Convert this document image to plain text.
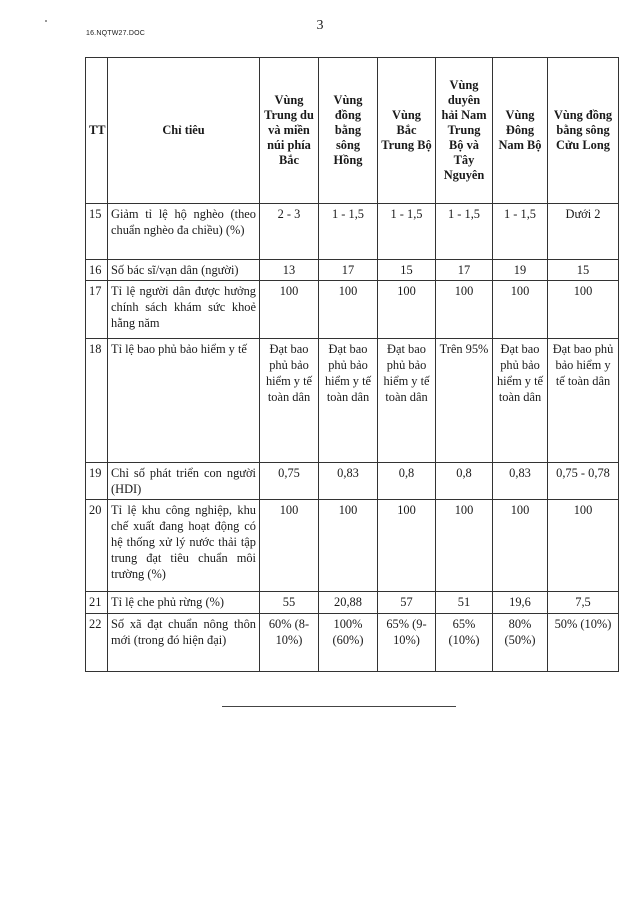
16.NQTW27.DOC
3
TT	Chỉ tiêu	Vùng Trung du và miền núi phía Bắc	Vùng đồng bằng sông Hồng	Vùng Bắc Trung Bộ	Vùng duyên hải Nam Trung Bộ và Tây Nguyên	Vùng Đông Nam Bộ	Vùng đồng bằng sông Cửu Long
15	Giảm tỉ lệ hộ nghèo (theo chuẩn nghèo đa chiều) (%)	2 - 3	1 - 1,5	1 - 1,5	1 - 1,5	1 - 1,5	Dưới 2
16	Số bác sĩ/vạn dân (người)	13	17	15	17	19	15
17	Tỉ lệ người dân được hưởng chính sách khám sức khoẻ hằng năm	100	100	100	100	100	100
18	Tỉ lệ bao phủ bảo hiểm y tế	Đạt bao phủ bảo hiểm y tế toàn dân	Đạt bao phủ bảo hiểm y tế toàn dân	Đạt bao phủ bảo hiểm y tế toàn dân	Trên 95%	Đạt bao phủ bảo hiểm y tế toàn dân	Đạt bao phủ bảo hiểm y tế toàn dân
19	Chỉ số phát triển con người (HDI)	0,75	0,83	0,8	0,8	0,83	0,75 - 0,78
20	Tỉ lệ khu công nghiệp, khu chế xuất đang hoạt động có hệ thống xử lý nước thải tập trung đạt tiêu chuẩn môi trường (%)	100	100	100	100	100	100
21	Tỉ lệ che phủ rừng (%)	55	20,88	57	51	19,6	7,5
22	Số xã đạt chuẩn nông thôn mới (trong đó hiện đại)	60% (8-10%)	100% (60%)	65% (9-10%)	65% (10%)	80% (50%)	50% (10%)
